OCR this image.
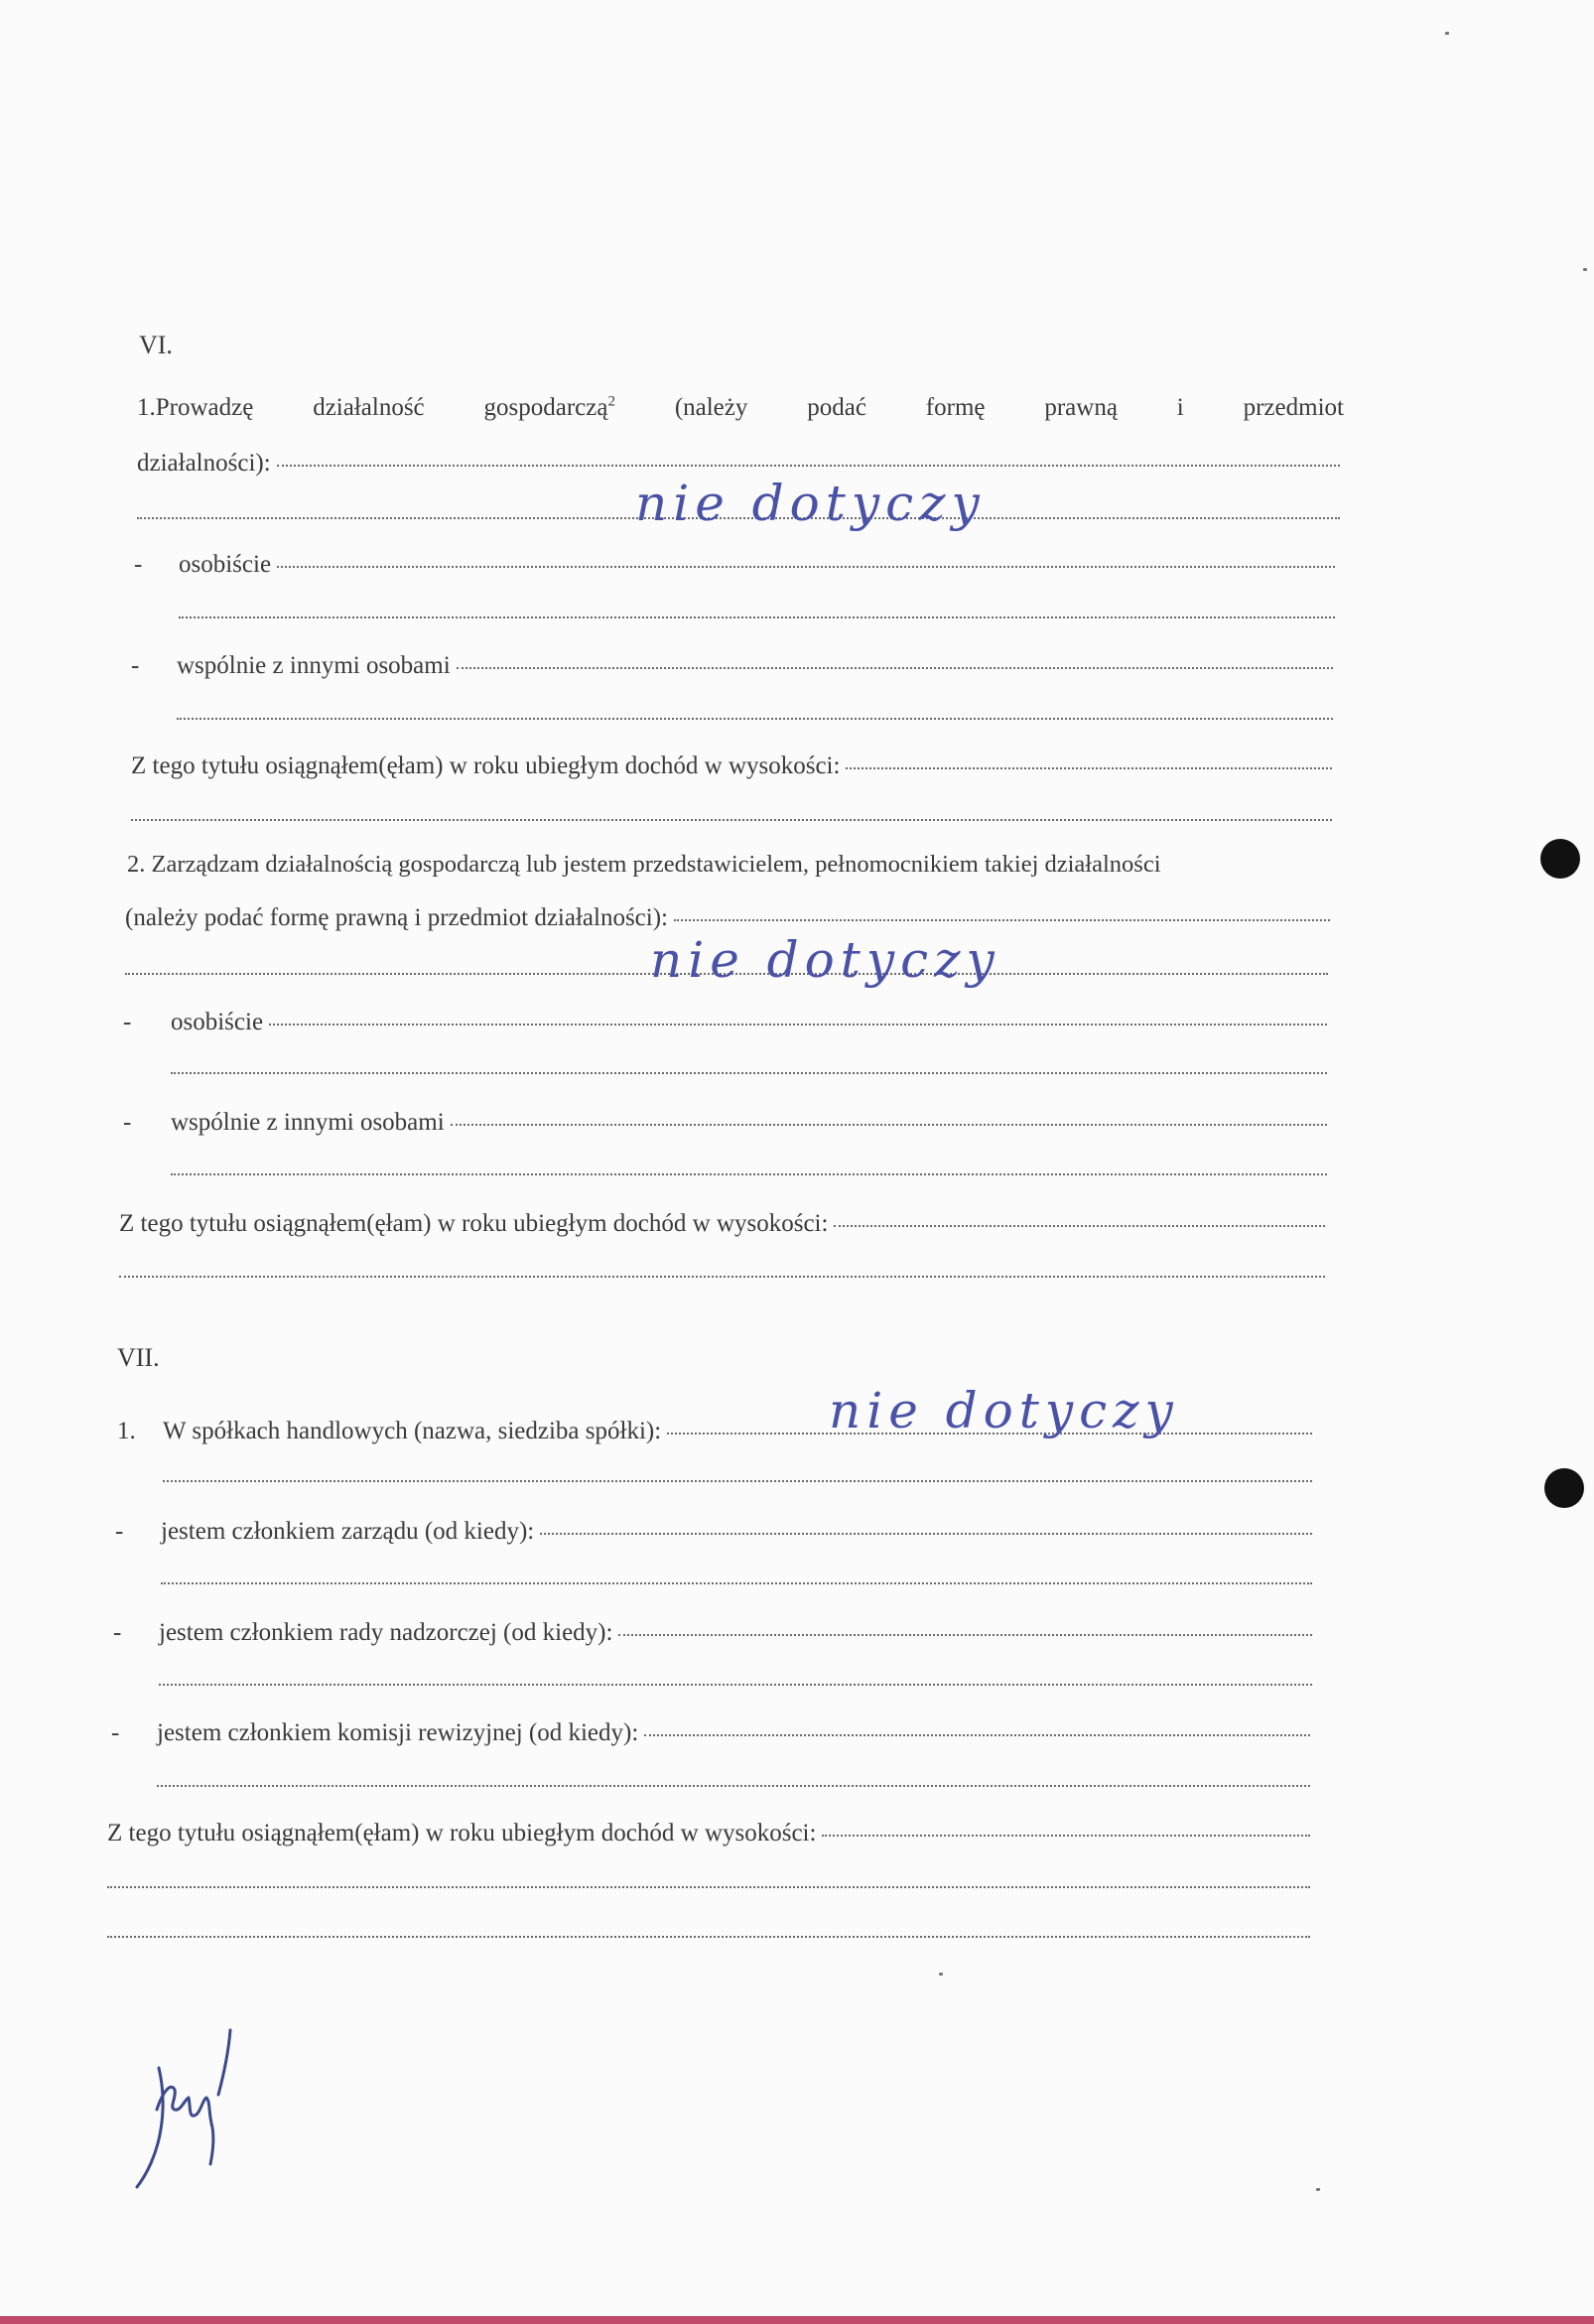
VI.
1.Prowadzę działalność gospodarczą$^2$ (należy podać formę prawną i przedmiot
działalności):
nie dotyczy
- osobiście
- wspólnie z innymi osobami
Z tego tytułu osiągnąłem(ęłam) w roku ubiegłym dochód w wysokości:
2. Zarządzam działalnością gospodarczą lub jestem przedstawicielem, pełnomocnikiem takiej działalności
(należy podać formę prawną i przedmiot działalności):
nie dotyczy
- osobiście
- wspólnie z innymi osobami
Z tego tytułu osiągnąłem(ęłam) w roku ubiegłym dochód w wysokości:
VII.
1. W spółkach handlowych (nazwa, siedziba spółki):	nie dotyczy
- jestem członkiem zarządu (od kiedy):
- jestem członkiem rady nadzorczej (od kiedy):
- jestem członkiem komisji rewizyjnej (od kiedy):
Z tego tytułu osiągnąłem(ęłam) w roku ubiegłym dochód w wysokości:
